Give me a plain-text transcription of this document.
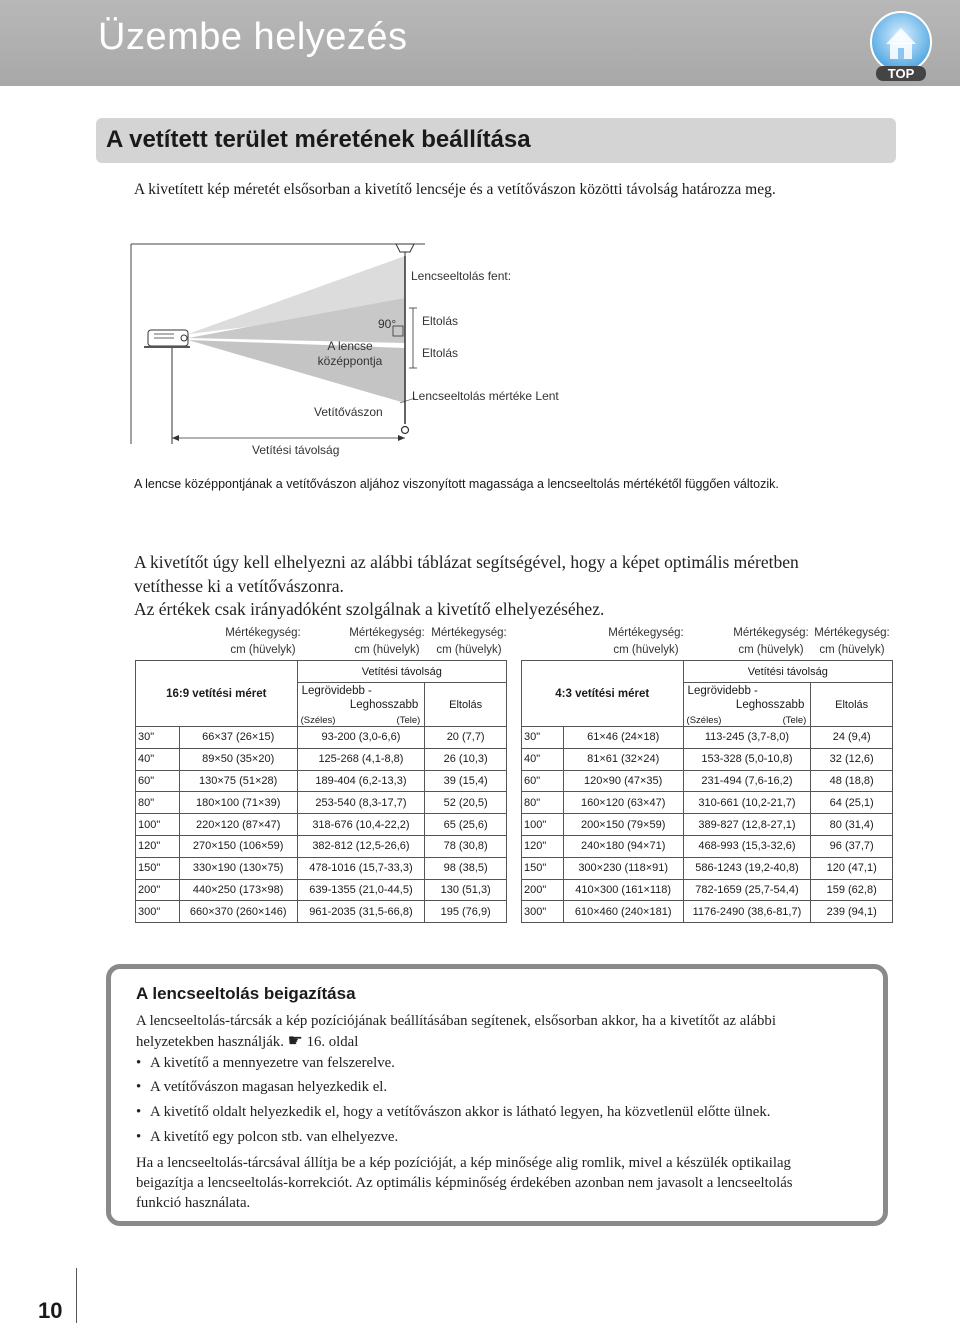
Üzembe helyezés
TOP
A vetített terület méretének beállítása
A kivetített kép méretét elsősorban a kivetítő lencséje és a vetítővászon közötti távolság határozza meg.
Lencseeltolás fent:
90° Eltolás
Eltolás
A lencse
középpontja
Lencseeltolás mértéke Lent
Vetítővászon
Vetítési távolság
A lencse középpontjának a vetítővászon aljához viszonyított magassága a lencseeltolás mértékétől függően változik.
A kivetítőt úgy kell elhelyezni az alábbi táblázat segítségével, hogy a képet optimális méretben
vetíthesse ki a vetítővászonra.
Az értékek csak irányadóként szolgálnak a kivetítő elhelyezéséhez.
Mértékegység:
cm (hüvelyk)
Mértékegység:
cm (hüvelyk)
Mértékegység:
cm (hüvelyk)
Mértékegység:
cm (hüvelyk)
Mértékegység:
cm (hüvelyk)
Mértékegység:
cm (hüvelyk)
16:9 vetítési méret		Vetítési távolság	

		Legrövidebb -
Leghosszabb
(Széles) (Tele)	Eltolás
30"	66×37 (26×15)	93-200 (3,0-6,6)	20 (7,7)
40"	89×50 (35×20)	125-268 (4,1-8,8)	26 (10,3)
60"	130×75 (51×28)	189-404 (6,2-13,3)	39 (15,4)
80"	180×100 (71×39)	253-540 (8,3-17,7)	52 (20,5)
100"	220×120 (87×47)	318-676 (10,4-22,2)	65 (25,6)
120"	270×150 (106×59)	382-812 (12,5-26,6)	78 (30,8)
150"	330×190 (130×75)	478-1016 (15,7-33,3)	98 (38,5)
200"	440×250 (173×98)	639-1355 (21,0-44,5)	130 (51,3)
300"	660×370 (260×146)	961-2035 (31,5-66,8)	195 (76,9)
4:3 vetítési méret		Vetítési távolság	

		Legrövidebb -
Leghosszabb
(Széles) (Tele)	Eltolás
30"	61×46 (24×18)	113-245 (3,7-8,0)	24 (9,4)
40"	81×61 (32×24)	153-328 (5,0-10,8)	32 (12,6)
60"	120×90 (47×35)	231-494 (7,6-16,2)	48 (18,8)
80"	160×120 (63×47)	310-661 (10,2-21,7)	64 (25,1)
100"	200×150 (79×59)	389-827 (12,8-27,1)	80 (31,4)
120"	240×180 (94×71)	468-993 (15,3-32,6)	96 (37,7)
150"	300×230 (118×91)	586-1243 (19,2-40,8)	120 (47,1)
200"	410×300 (161×118)	782-1659 (25,7-54,4)	159 (62,8)
300"	610×460 (240×181)	1176-2490 (38,6-81,7)	239 (94,1)
A lencseeltolás beigazítása
A lencseeltolás-tárcsák a kép pozíciójának beállításában segítenek, elsősorban akkor, ha a kivetítőt az alábbi
helyzetekben használják. ☛ 16. oldal
• A kivetítő a mennyezetre van felszerelve.
• A vetítővászon magasan helyezkedik el.
• A kivetítő oldalt helyezkedik el, hogy a vetítővászon akkor is látható legyen, ha közvetlenül előtte ülnek.
• A kivetítő egy polcon stb. van elhelyezve.
Ha a lencseeltolás-tárcsával állítja be a kép pozícióját, a kép minősége alig romlik, mivel a készülék optikailag
beigazítja a lencseeltolás-korrekciót. Az optimális képminőség érdekében azonban nem javasolt a lencseeltolás
funkció használata.
10
